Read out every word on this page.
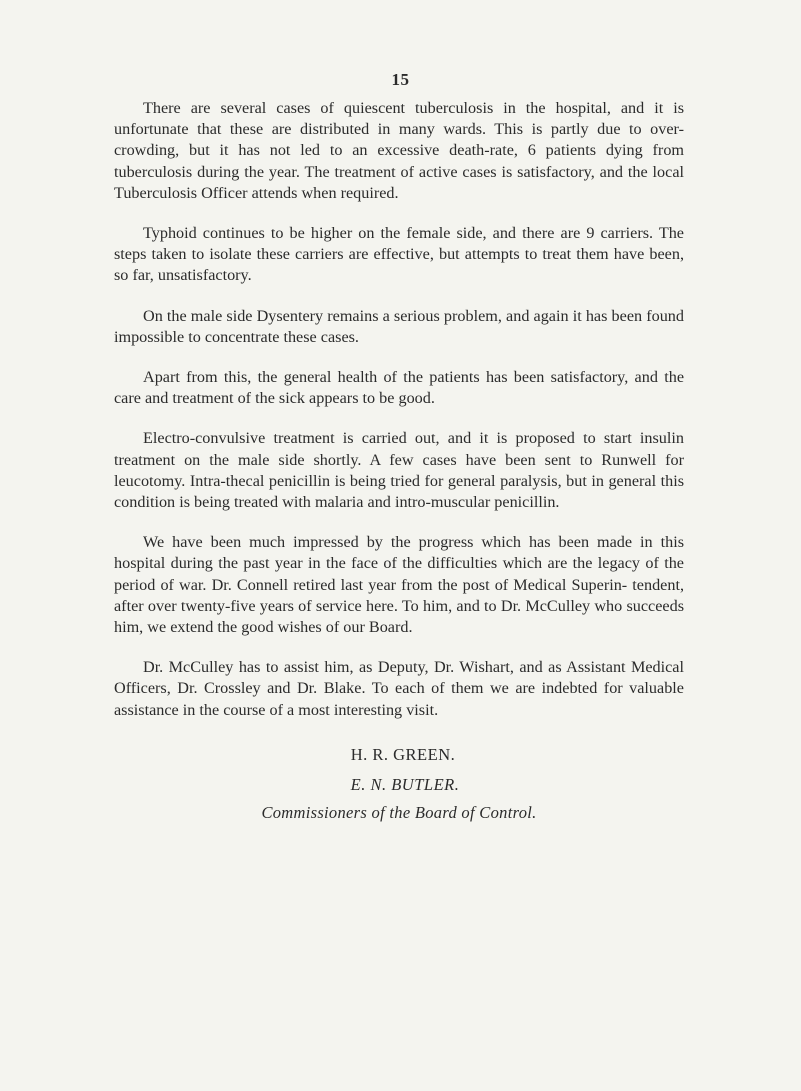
15

There are several cases of quiescent tuberculosis in the hospital, and it is unfortunate that these are distributed in many wards. This is partly due to over-crowding, but it has not led to an excessive death-rate, 6 patients dying from tuberculosis during the year. The treatment of active cases is satisfactory, and the local Tuberculosis Officer attends when required.

Typhoid continues to be higher on the female side, and there are 9 carriers. The steps taken to isolate these carriers are effective, but attempts to treat them have been, so far, unsatisfactory.

On the male side Dysentery remains a serious problem, and again it has been found impossible to concentrate these cases.

Apart from this, the general health of the patients has been satisfactory, and the care and treatment of the sick appears to be good.

Electro-convulsive treatment is carried out, and it is proposed to start insulin treatment on the male side shortly. A few cases have been sent to Runwell for leucotomy. Intra-thecal penicillin is being tried for general paralysis, but in general this condition is being treated with malaria and intro-muscular penicillin.

We have been much impressed by the progress which has been made in this hospital during the past year in the face of the difficulties which are the legacy of the period of war. Dr. Connell retired last year from the post of Medical Superin- tendent, after over twenty-five years of service here. To him, and to Dr. McCulley who succeeds him, we extend the good wishes of our Board.

Dr. McCulley has to assist him, as Deputy, Dr. Wishart, and as Assistant Medical Officers, Dr. Crossley and Dr. Blake. To each of them we are indebted for valuable assistance in the course of a most interesting visit.

H. R. GREEN.
E. N. BUTLER.
Commissioners of the Board of Control.
